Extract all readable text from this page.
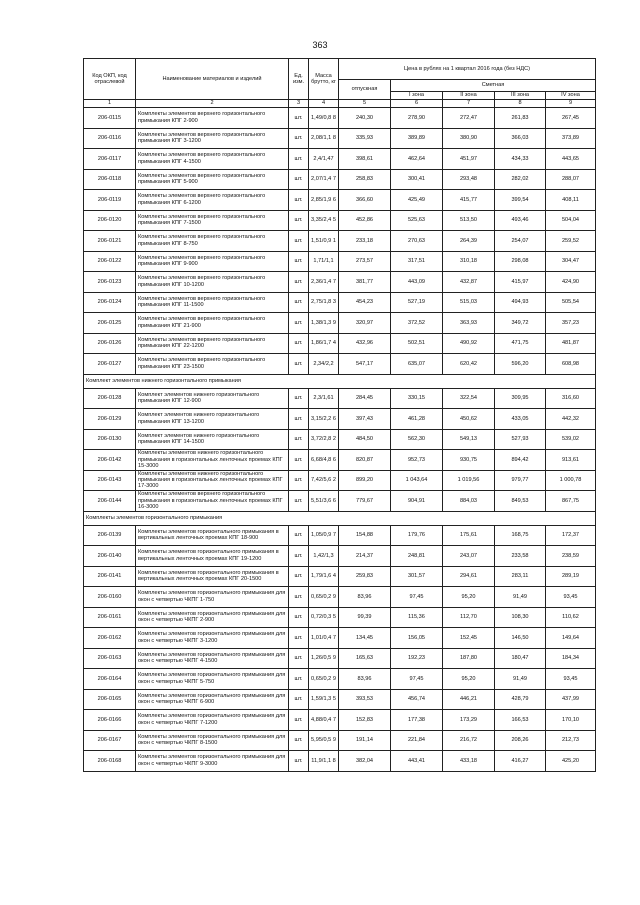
363
Код ОКП, код отраслевой	Наименование материалов и изделий	Ед. изм.	Масса брутто, кг	Цена в рублях на 1 квартал 2016 года (без НДС)				
				отпускная	Сметная			
					I зона	II зона	III зона	IV зона
1	2	3	4	5	6	7	8	9
206-0115	Комплекты элементов верхнего горизонтального примыкания КПГ 2-900	шт.	1,49/0,8 8	240,30	278,90	272,47	261,83	267,45
206-0116	Комплекты элементов верхнего горизонтального примыкания КПГ 3-1200	шт.	2,08/1,1 8	335,93	389,89	380,90	366,03	373,89
206-0117	Комплекты элементов верхнего горизонтального примыкания КПГ 4-1500	шт.	2,4/1,47	398,61	462,64	451,97	434,33	443,65
206-0118	Комплекты элементов верхнего горизонтального примыкания КПГ 5-900	шт.	2,07/1,4 7	258,83	300,41	293,48	282,02	288,07
206-0119	Комплекты элементов верхнего горизонтального примыкания КПГ 6-1200	шт.	2,85/1,9 6	366,60	425,49	415,77	399,54	408,11
206-0120	Комплекты элементов верхнего горизонтального примыкания КПГ 7-1500	шт.	3,35/2,4 5	452,86	525,63	513,50	493,46	504,04
206-0121	Комплекты элементов верхнего горизонтального примыкания КПГ 8-750	шт.	1,51/0,9 1	233,18	270,63	264,39	254,07	259,52
206-0122	Комплекты элементов верхнего горизонтального примыкания КПГ 9-900	шт.	1,71/1,1	273,57	317,51	310,18	298,08	304,47
206-0123	Комплекты элементов верхнего горизонтального примыкания КПГ 10-1200	шт.	2,36/1,4 7	381,77	443,09	432,87	415,97	424,90
206-0124	Комплекты элементов верхнего горизонтального примыкания КПГ 11-1500	шт.	2,75/1,8 3	454,23	527,19	515,03	494,93	505,54
206-0125	Комплекты элементов верхнего горизонтального примыкания КПГ 21-900	шт.	1,38/1,3 9	320,97	372,52	363,93	349,72	357,23
206-0126	Комплекты элементов верхнего горизонтального примыкания КПГ 22-1200	шт.	1,86/1,7 4	432,96	502,51	490,92	471,75	481,87
206-0127	Комплекты элементов верхнего горизонтального примыкания КПГ 23-1500	шт.	2,34/2,2	547,17	635,07	620,42	596,20	608,98
Комплект элементов нижнего горизонтального примыкания								
206-0128	Комплект элементов нижнего горизонтального примыкания КПГ 12-900	шт.	2,3/1,61	284,45	330,15	322,54	309,95	316,60
206-0129	Комплект элементов нижнего горизонтального примыкания КПГ 13-1200	шт.	3,15/2,2 6	397,43	461,28	450,62	433,05	442,32
206-0130	Комплект элементов нижнего горизонтального примыкания КПГ 14-1500	шт.	3,72/2,8 2	484,50	562,30	549,13	527,93	539,02
206-0142	Комплекты элементов нижнего горизонтального примыкания в горизонтальных ленточных проемах КПГ 15-3000	шт.	6,68/4,8 6	820,87	952,73	930,75	894,42	913,61
206-0143	Комплекты элементов нижнего горизонтального примыкания в горизонтальных ленточных проемах КПГ 17-3000	шт.	7,42/5,6 2	899,20	1 043,64	1 019,56	979,77	1 000,78
206-0144	Комплекты элементов верхнего горизонтального примыкания в горизонтальных ленточных проемах КПГ 16-3000	шт.	5,51/3,6 6	779,67	904,91	884,03	849,53	867,75
Комплекты элементов горизонтального примыкания								
206-0139	Комплекты элементов горизонтального примыкания в вертикальных ленточных проемах КПГ 18-900	шт.	1,05/0,9 7	154,88	179,76	175,61	168,75	172,37
206-0140	Комплекты элементов горизонтального примыкания в вертикальных ленточных проемах КПГ 19-1200	шт.	1,42/1,3	214,37	248,81	243,07	233,58	238,59
206-0141	Комплекты элементов горизонтального примыкания в вертикальных ленточных проемах КПГ 20-1500	шт.	1,79/1,6 4	259,83	301,57	294,61	283,11	289,19
206-0160	Комплекты элементов горизонтального примыкания для окон с четвертью ЧКПГ 1-750	шт.	0,65/0,2 9	83,96	97,45	95,20	91,49	93,45
206-0161	Комплекты элементов горизонтального примыкания для окон с четвертью ЧКПГ 2-900	шт.	0,72/0,3 5	99,39	115,36	112,70	108,30	110,62
206-0162	Комплекты элементов горизонтального примыкания для окон с четвертью ЧКПГ 3-1200	шт.	1,01/0,4 7	134,45	156,05	152,45	146,50	149,64
206-0163	Комплекты элементов горизонтального примыкания для окон с четвертью ЧКПГ 4-1500	шт.	1,26/0,5 9	165,63	192,23	187,80	180,47	184,34
206-0164	Комплекты элементов горизонтального примыкания для окон с четвертью ЧКПГ 5-750	шт.	0,65/0,2 9	83,96	97,45	95,20	91,49	93,45
206-0165	Комплекты элементов горизонтального примыкания для окон с четвертью ЧКПГ 6-900	шт.	1,59/1,3 5	393,53	456,74	446,21	428,79	437,99
206-0166	Комплекты элементов горизонтального примыкания для окон с четвертью ЧКПГ 7-1200	шт.	4,88/0,4 7	152,83	177,38	173,29	166,53	170,10
206-0167	Комплекты элементов горизонтального примыкания для окон с четвертью ЧКПГ 8-1500	шт.	5,95/0,5 9	191,14	221,84	216,72	208,26	212,73
206-0168	Комплекты элементов горизонтального примыкания для окон с четвертью ЧКПГ 9-3000	шт.	11,9/1,1 8	382,04	443,41	433,18	416,27	425,20
